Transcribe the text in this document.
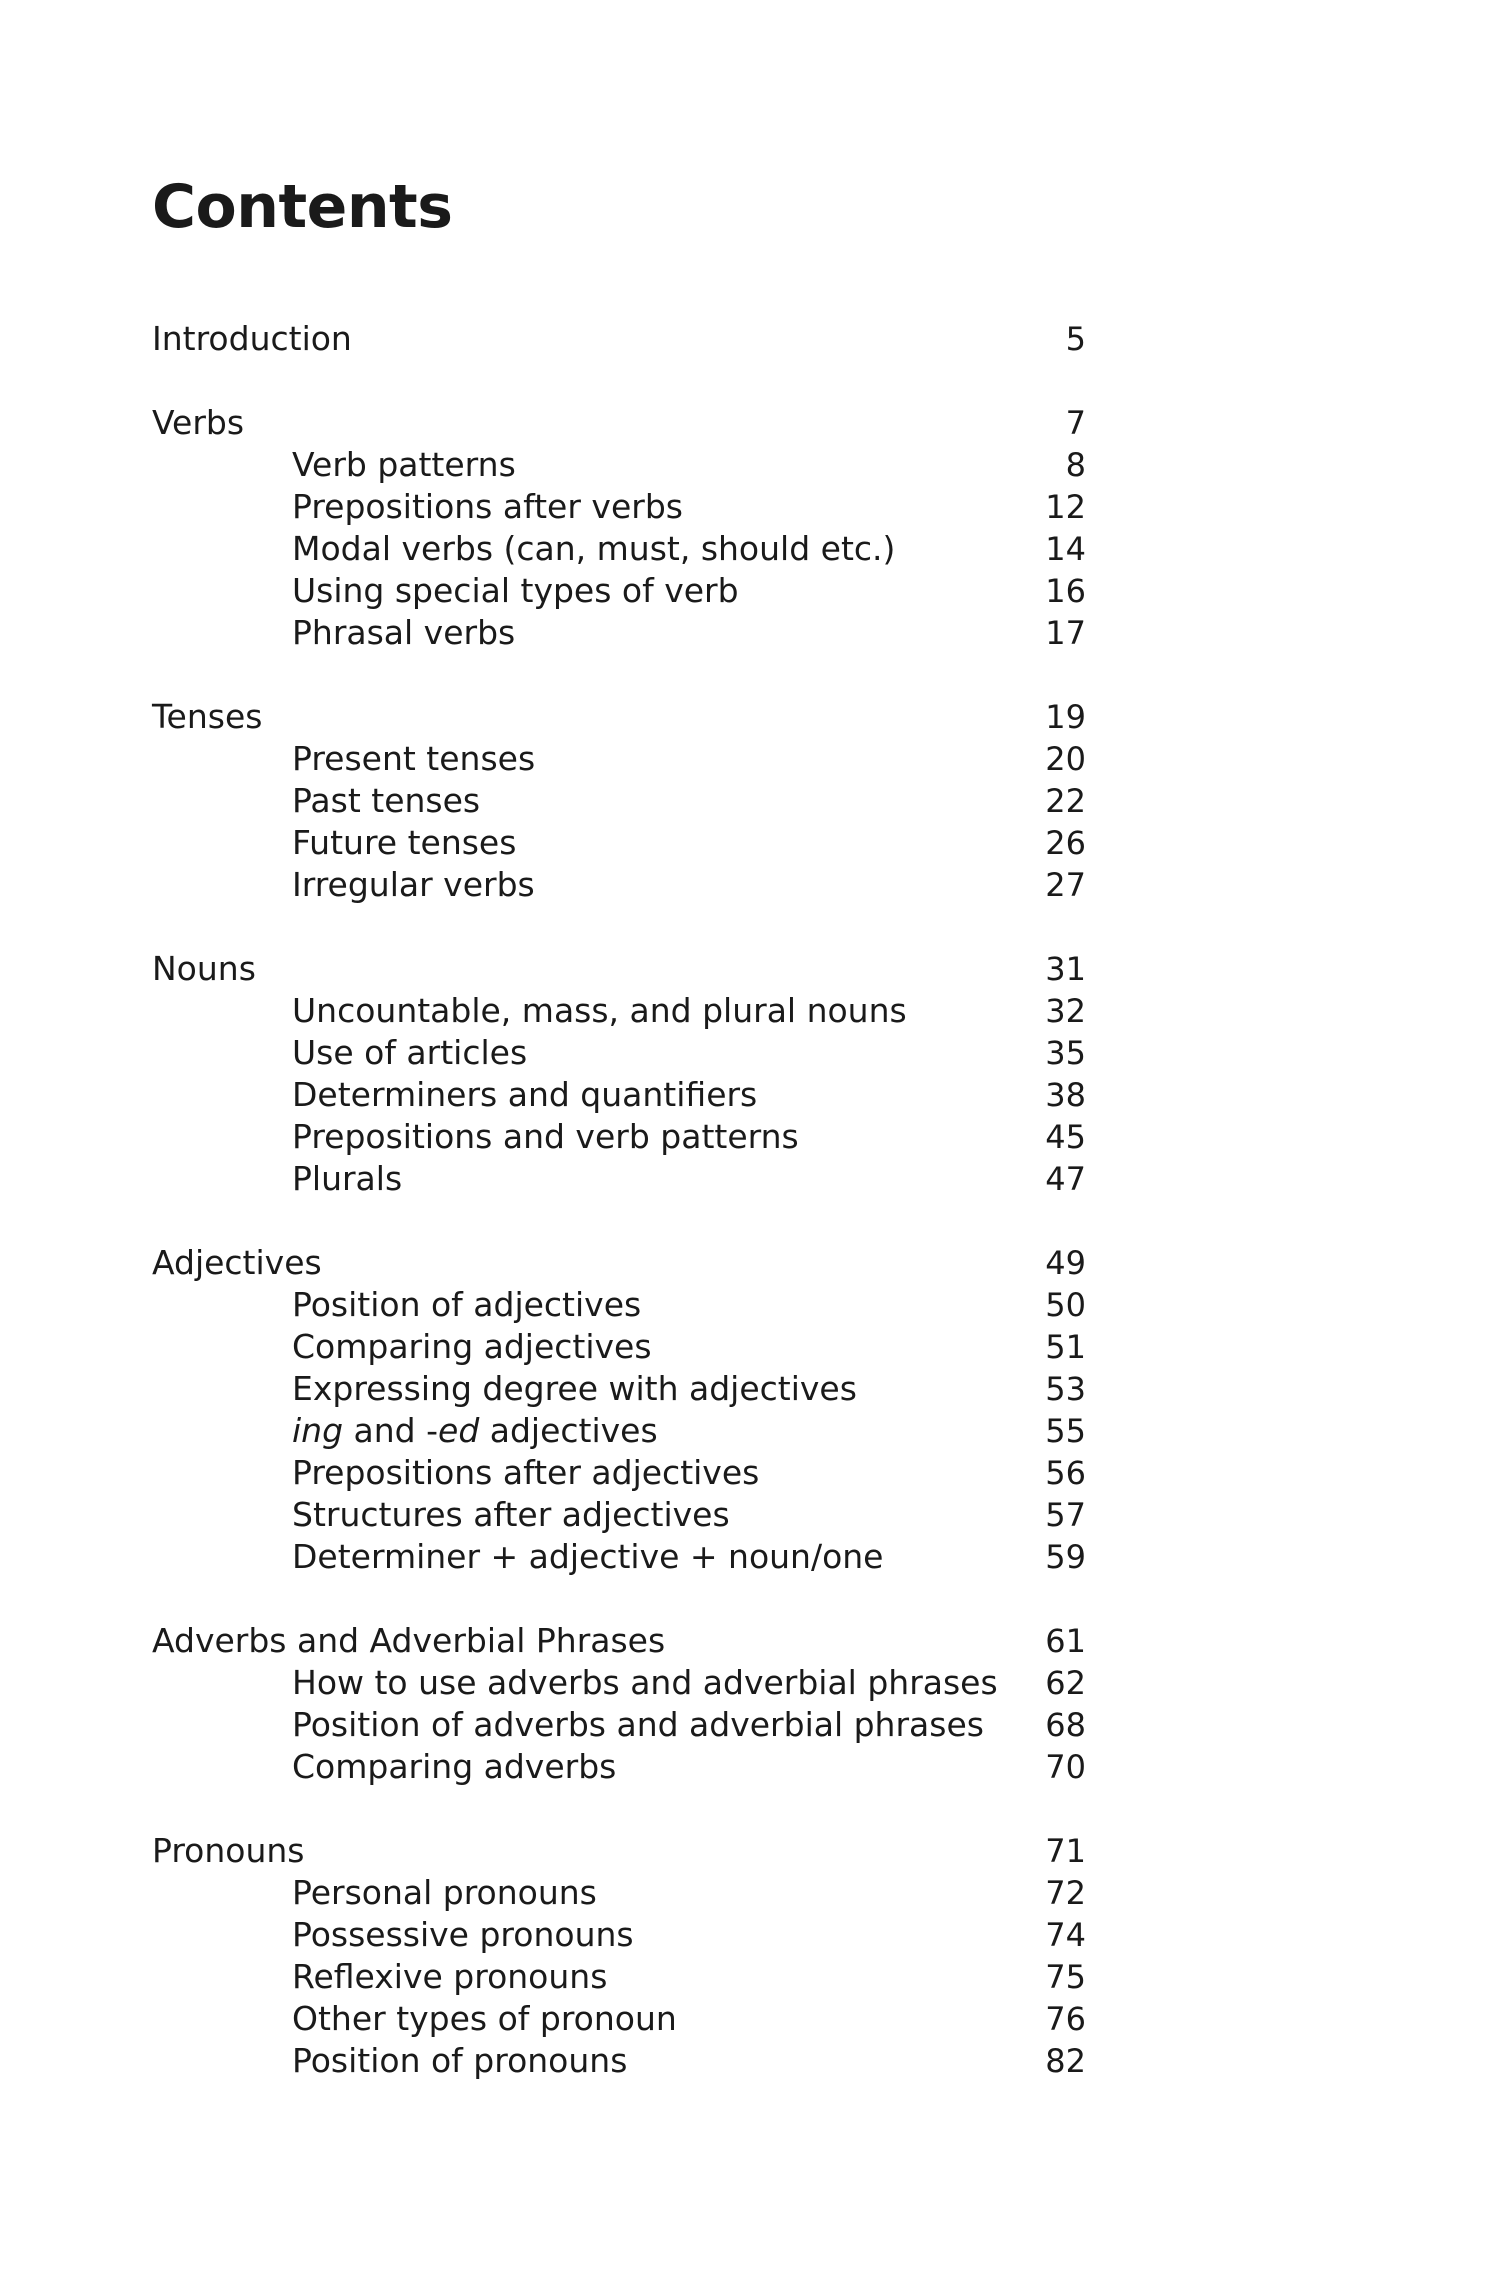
Contents
Introduction	5
Verbs	7
Verb patterns	8
Prepositions after verbs	12
Modal verbs (can, must, should etc.)	14
Using special types of verb	16
Phrasal verbs	17
Tenses	19
Present tenses	20
Past tenses	22
Future tenses	26
Irregular verbs	27
Nouns	31
Uncountable, mass, and plural nouns	32
Use of articles	35
Determiners and quantifiers	38
Prepositions and verb patterns	45
Plurals	47
Adjectives	49
Position of adjectives	50
Comparing adjectives	51
Expressing degree with adjectives	53
ing and -ed adjectives	55
Prepositions after adjectives	56
Structures after adjectives	57
Determiner + adjective + noun/one	59
Adverbs and Adverbial Phrases	61
How to use adverbs and adverbial phrases 62
Position of adverbs and adverbial phrases 68
Comparing adverbs	70
Pronouns	71
Personal pronouns	72
Possessive pronouns	74
Reflexive pronouns	75
Other types of pronoun	76
Position of pronouns	82
